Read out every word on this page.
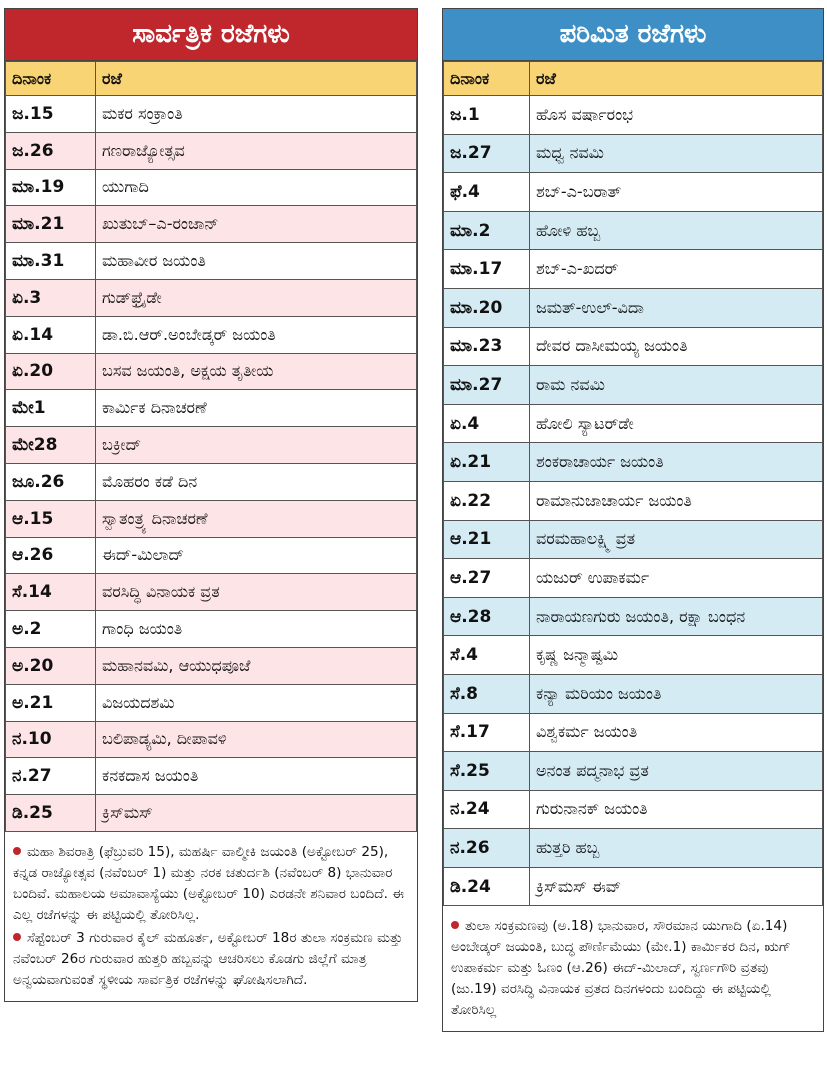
ಸಾರ್ವತ್ರಿಕ ರಜೆಗಳು
ದಿನಾಂಕ	ರಜೆ
ಜ.15	ಮಕರ ಸಂಕ್ರಾಂತಿ
ಜ.26	ಗಣರಾಜ್ಯೋತ್ಸವ
ಮಾ.19	ಯುಗಾದಿ
ಮಾ.21	ಖುತುಬ್‌–ಎ-ರಂಜಾನ್
ಮಾ.31	ಮಹಾವೀರ ಜಯಂತಿ
ಏ.3	ಗುಡ್‌ಫ್ರೈಡೇ
ಏ.14	ಡಾ.ಬಿ.ಆರ್.ಅಂಬೇಡ್ಕರ್ ಜಯಂತಿ
ಏ.20	ಬಸವ ಜಯಂತಿ, ಅಕ್ಷಯ ತೃತೀಯ
ಮೇ1	ಕಾರ್ಮಿಕ ದಿನಾಚರಣೆ
ಮೇ28	ಬಕ್ರೀದ್
ಜೂ.26	ಮೊಹರಂ ಕಡೆ ದಿನ
ಆ.15	ಸ್ವಾತಂತ್ರ್ಯ ದಿನಾಚರಣೆ
ಆ.26	ಈದ್‌-ಮಿಲಾದ್
ಸೆ.14	ವರಸಿದ್ಧಿ ವಿನಾಯಕ ವ್ರತ
ಅ.2	ಗಾಂಧಿ ಜಯಂತಿ
ಅ.20	ಮಹಾನವಮಿ, ಆಯುಧಪೂಜೆ
ಅ.21	ವಿಜಯದಶಮಿ
ನ.10	ಬಲಿಪಾಡ್ಯಮಿ, ದೀಪಾವಳಿ
ನ.27	ಕನಕದಾಸ ಜಯಂತಿ
ಡಿ.25	ಕ್ರಿಸ್‌ಮಸ್

ಮಹಾ ಶಿವರಾತ್ರಿ (ಫೆಬ್ರುವರಿ 15), ಮಹರ್ಷಿ ವಾಲ್ಮೀಕಿ ಜಯಂತಿ (ಅಕ್ಟೋಬರ್ 25), ಕನ್ನಡ ರಾಜ್ಯೋತ್ಸವ (ನವೆಂಬರ್ 1) ಮತ್ತು ನರಕ ಚತುರ್ದಶಿ (ನವೆಂಬರ್ 8) ಭಾನುವಾರ ಬಂದಿವೆ. ಮಹಾಲಯ ಅಮಾವಾಸ್ಯೆಯು (ಅಕ್ಟೋಬರ್ 10) ಎರಡನೇ ಶನಿವಾರ ಬಂದಿದೆ. ಈ ಎಲ್ಲ ರಜೆಗಳನ್ನು ಈ ಪಟ್ಟಿಯಲ್ಲಿ ತೋರಿಸಿಲ್ಲ.

ಸೆಪ್ಟೆಂಬರ್ 3 ಗುರುವಾರ ಕೈಲ್ ಮಹೂರ್ತ, ಅಕ್ಟೋಬರ್ 18ರ ತುಲಾ ಸಂಕ್ರಮಣ ಮತ್ತು ನವೆಂಬರ್ 26ರ ಗುರುವಾರ ಹುತ್ತರಿ ಹಬ್ಬವನ್ನು ಆಚರಿಸಲು ಕೊಡಗು ಜಿಲ್ಲೆಗೆ ಮಾತ್ರ ಅನ್ವಯವಾಗುವಂತೆ ಸ್ಥಳೀಯ ಸಾರ್ವತ್ರಿಕ ರಜೆಗಳನ್ನು ಘೋಷಿಸಲಾಗಿದೆ.

ಪರಿಮಿತ ರಜೆಗಳು
ದಿನಾಂಕ	ರಜೆ
ಜ.1	ಹೊಸ ವರ್ಷಾರಂಭ
ಜ.27	ಮಧ್ವ ನವಮಿ
ಫೆ.4	ಶಬ್‌-ಎ-ಬರಾತ್
ಮಾ.2	ಹೋಳಿ ಹಬ್ಬ
ಮಾ.17	ಶಬ್‌-ಎ-ಖದರ್
ಮಾ.20	ಜಮತ್‌-ಉಲ್‌-ವಿದಾ
ಮಾ.23	ದೇವರ ದಾಸೀಮಯ್ಯ ಜಯಂತಿ
ಮಾ.27	ರಾಮ ನವಮಿ
ಏ.4	ಹೋಲಿ ಸ್ಯಾಟರ್‌ಡೇ
ಏ.21	ಶಂಕರಾಚಾರ್ಯ ಜಯಂತಿ
ಏ.22	ರಾಮಾನುಜಾಚಾರ್ಯ ಜಯಂತಿ
ಆ.21	ವರಮಹಾಲಕ್ಷ್ಮಿ ವ್ರತ
ಆ.27	ಯಜುರ್ ಉಪಾಕರ್ಮ
ಆ.28	ನಾರಾಯಣಗುರು ಜಯಂತಿ, ರಕ್ಷಾ ಬಂಧನ
ಸೆ.4	ಕೃಷ್ಣ ಜನ್ಮಾಷ್ಟಮಿ
ಸೆ.8	ಕನ್ಯಾ ಮರಿಯಂ ಜಯಂತಿ
ಸೆ.17	ವಿಶ್ವಕರ್ಮ ಜಯಂತಿ
ಸೆ.25	ಅನಂತ ಪದ್ಮನಾಭ ವ್ರತ
ನ.24	ಗುರುನಾನಕ್ ಜಯಂತಿ
ನ.26	ಹುತ್ತರಿ ಹಬ್ಬ
ಡಿ.24	ಕ್ರಿಸ್‌ಮಸ್ ಈವ್

ತುಲಾ ಸಂಕ್ರಮಣವು (ಅ.18) ಭಾನುವಾರ, ಸೌರಮಾನ ಯುಗಾದಿ (ಏ.14) ಅಂಬೇಡ್ಕರ್ ಜಯಂತಿ, ಬುದ್ಧ ಪೌರ್ಣಿಮೆಯು (ಮೇ.1) ಕಾರ್ಮಿಕರ ದಿನ, ಋಗ್ ಉಪಾಕರ್ಮ ಮತ್ತು ಓಣಂ (ಆ.26) ಈದ್‌-ಮಿಲಾದ್, ಸ್ವರ್ಣಗೌರಿ ವ್ರತವು (ಜು.19) ವರಸಿದ್ಧಿ ವಿನಾಯಕ ವ್ರತದ ದಿನಗಳಂದು ಬಂದಿದ್ದು ಈ ಪಟ್ಟಿಯಲ್ಲಿ ತೋರಿಸಿಲ್ಲ
